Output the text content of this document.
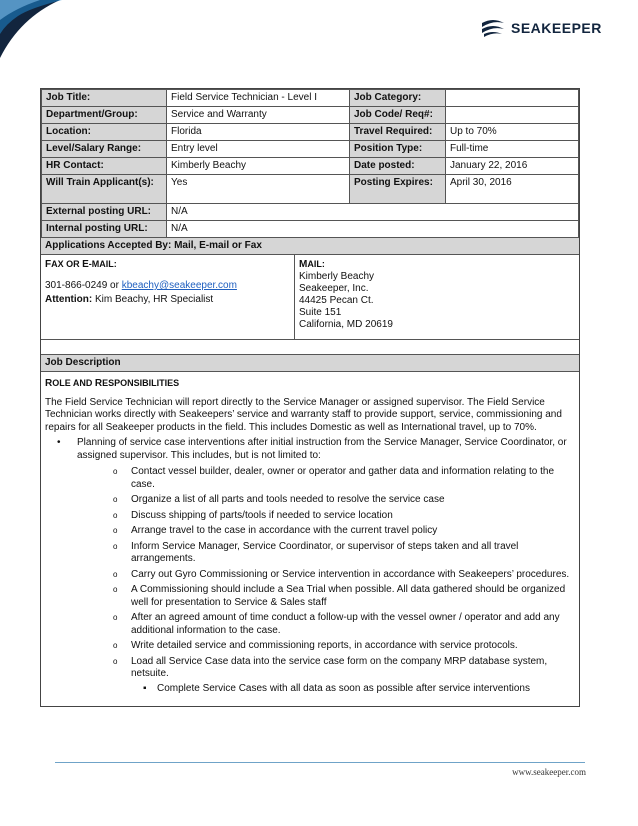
SEAKEEPER
Job Title:	Field Service Technician - Level I	Job Category:	
Department/Group:	Service and Warranty	Job Code/ Req#:	
Location:	Florida	Travel Required:	Up to 70%
Level/Salary Range:	Entry level	Position Type:	Full-time
HR Contact:	Kimberly Beachy	Date posted:	January 22, 2016
Will Train Applicant(s):	Yes	Posting Expires:	April 30, 2016
External posting URL:	N/A		
Internal posting URL:	N/A		
Applications Accepted By: Mail, E-mail or Fax
FAX OR E-MAIL:
301-866-0249 or kbeachy@seakeeper.com
Attention: Kim Beachy, HR Specialist
MAIL:
Kimberly Beachy
Seakeeper, Inc.
44425 Pecan Ct.
Suite 151
California, MD 20619
Job Description
ROLE AND RESPONSIBILITIES

The Field Service Technician will report directly to the Service Manager or assigned supervisor. The Field Service Technician works directly with Seakeepers’ service and warranty staff to provide support, service, commissioning and repairs for all Seakeeper products in the field. This includes Domestic as well as International travel, up to 70%.

• Planning of service case interventions after initial instruction from the Service Manager, Service Coordinator, or assigned supervisor. This includes, but is not limited to:
o Contact vessel builder, dealer, owner or operator and gather data and information relating to the case.
o Organize a list of all parts and tools needed to resolve the service case
o Discuss shipping of parts/tools if needed to service location
o Arrange travel to the case in accordance with the current travel policy
o Inform Service Manager, Service Coordinator, or supervisor of steps taken and all travel arrangements.
o Carry out Gyro Commissioning or Service intervention in accordance with Seakeepers’ procedures.
o A Commissioning should include a Sea Trial when possible. All data gathered should be organized well for presentation to Service & Sales staff
o After an agreed amount of time conduct a follow-up with the vessel owner / operator and add any additional information to the case.
o Write detailed service and commissioning reports, in accordance with service protocols.
o Load all Service Case data into the service case form on the company MRP database system, netsuite.
▪ Complete Service Cases with all data as soon as possible after service interventions
www.seakeeper.com
